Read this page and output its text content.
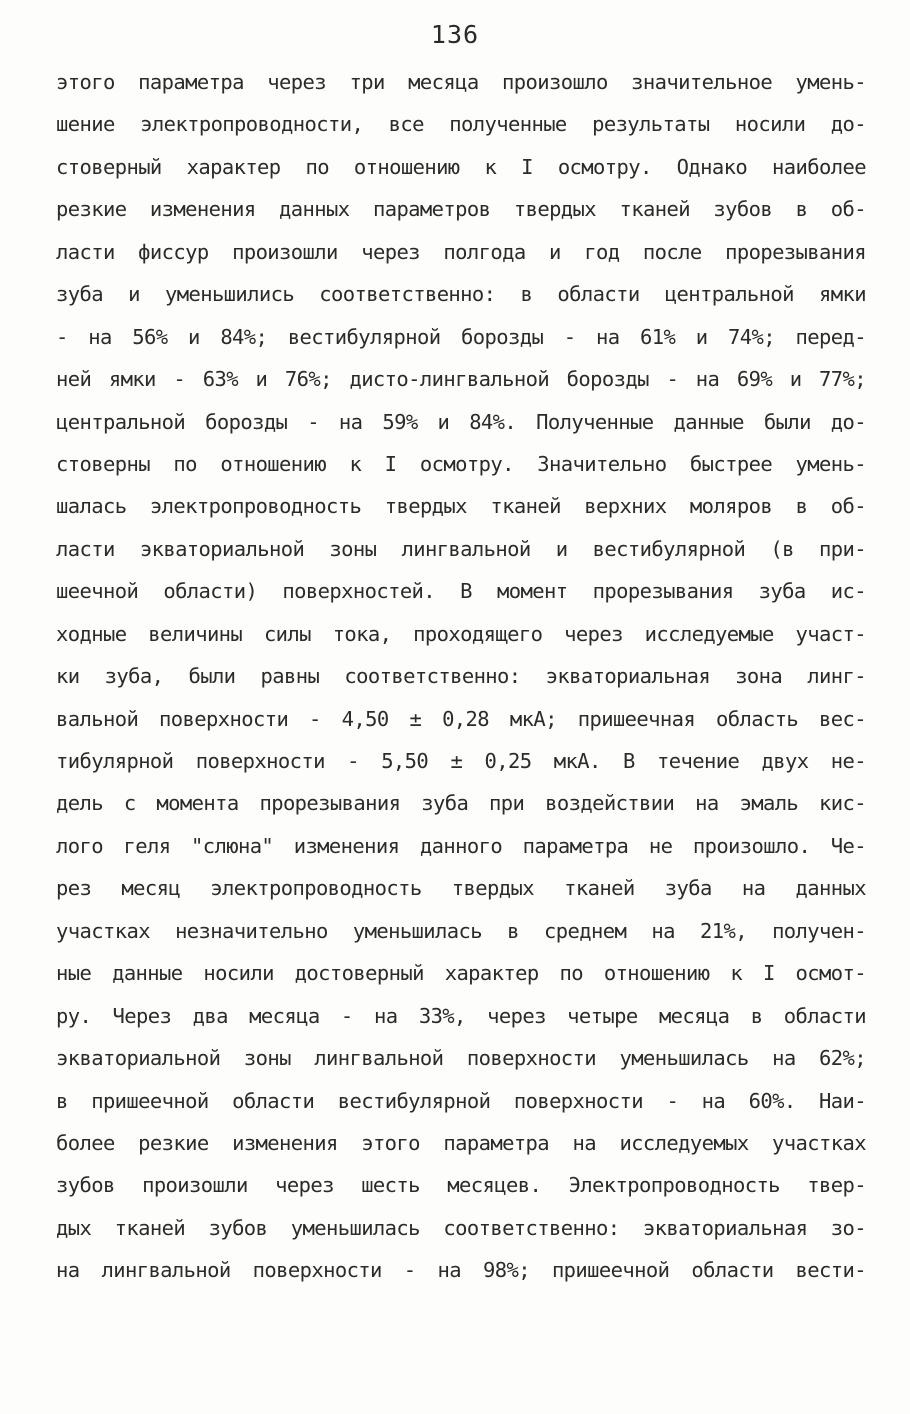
136
этого параметра через три месяца произошло значительное умень-
шение электропроводности, все полученные результаты носили до-
стоверный характер по отношению к I осмотру. Однако наиболее
резкие изменения данных параметров твердых тканей зубов в об-
ласти фиссур произошли через полгода и год после прорезывания
зуба и уменьшились соответственно: в области центральной ямки
- на 56% и 84%; вестибулярной борозды - на 61% и 74%; перед-
ней ямки - 63% и 76%; дисто-лингвальной борозды - на 69% и 77%;
центральной борозды - на 59% и 84%. Полученные данные были до-
стоверны по отношению к I осмотру. Значительно быстрее умень-
шалась электропроводность твердых тканей верхних моляров в об-
ласти экваториальной зоны лингвальной и вестибулярной (в при-
шеечной области) поверхностей. В момент прорезывания зуба ис-
ходные величины силы тока, проходящего через исследуемые участ-
ки зуба, были равны соответственно: экваториальная зона линг-
вальной поверхности - 4,50 ± 0,28 мкА; пришеечная область вес-
тибулярной поверхности - 5,50 ± 0,25 мкА. В течение двух не-
дель с момента прорезывания зуба при воздействии на эмаль кис-
лого геля "слюна" изменения данного параметра не произошло. Че-
рез месяц электропроводность твердых тканей зуба на данных
участках незначительно уменьшилась в среднем на 21%, получен-
ные данные носили достоверный характер по отношению к I осмот-
ру. Через два месяца - на 33%, через четыре месяца в области
экваториальной зоны лингвальной поверхности уменьшилась на 62%;
в пришеечной области вестибулярной поверхности - на 60%. Наи-
более резкие изменения этого параметра на исследуемых участках
зубов произошли через шесть месяцев. Электропроводность твер-
дых тканей зубов уменьшилась соответственно: экваториальная зо-
на лингвальной поверхности - на 98%; пришеечной области вести-
